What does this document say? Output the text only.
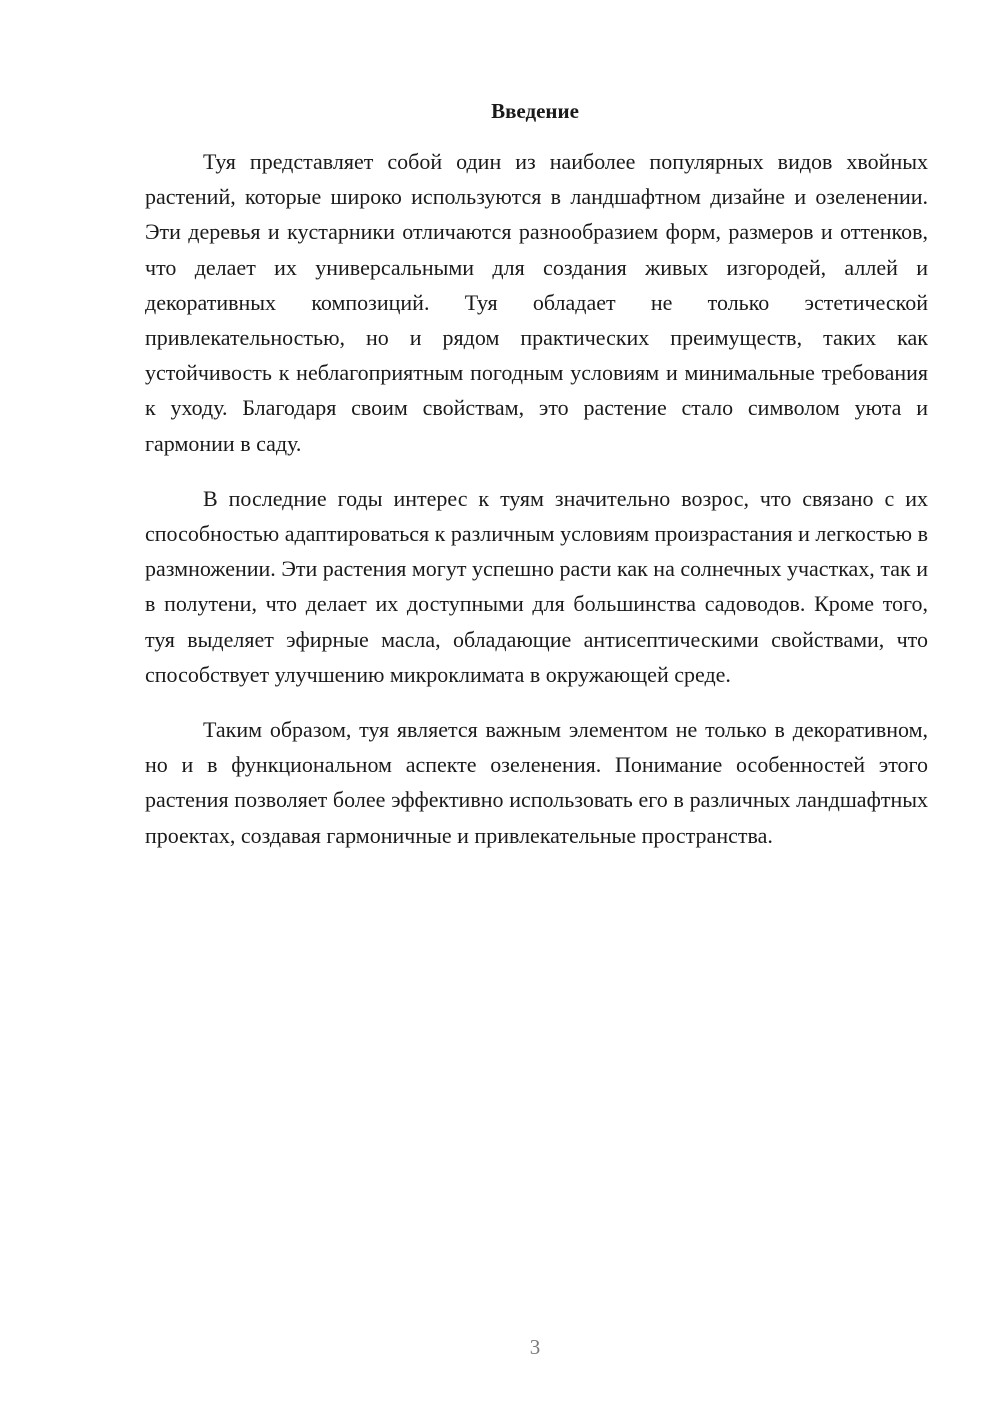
Введение

Туя представляет собой один из наиболее популярных видов хвойных растений, которые широко используются в ландшафтном дизайне и озеленении. Эти деревья и кустарники отличаются разнообразием форм, размеров и оттенков, что делает их универсальными для создания живых изгородей, аллей и декоративных композиций. Туя обладает не только эстетической привлекательностью, но и рядом практических преимуществ, таких как устойчивость к неблагоприятным погодным условиям и минимальные требования к уходу. Благодаря своим свойствам, это растение стало символом уюта и гармонии в саду.

В последние годы интерес к туям значительно возрос, что связано с их способностью адаптироваться к различным условиям произрастания и легкостью в размножении. Эти растения могут успешно расти как на солнечных участках, так и в полутени, что делает их доступными для большинства садоводов. Кроме того, туя выделяет эфирные масла, обладающие антисептическими свойствами, что способствует улучшению микроклимата в окружающей среде.

Таким образом, туя является важным элементом не только в декоративном, но и в функциональном аспекте озеленения. Понимание особенностей этого растения позволяет более эффективно использовать его в различных ландшафтных проектах, создавая гармоничные и привлекательные пространства.

3
